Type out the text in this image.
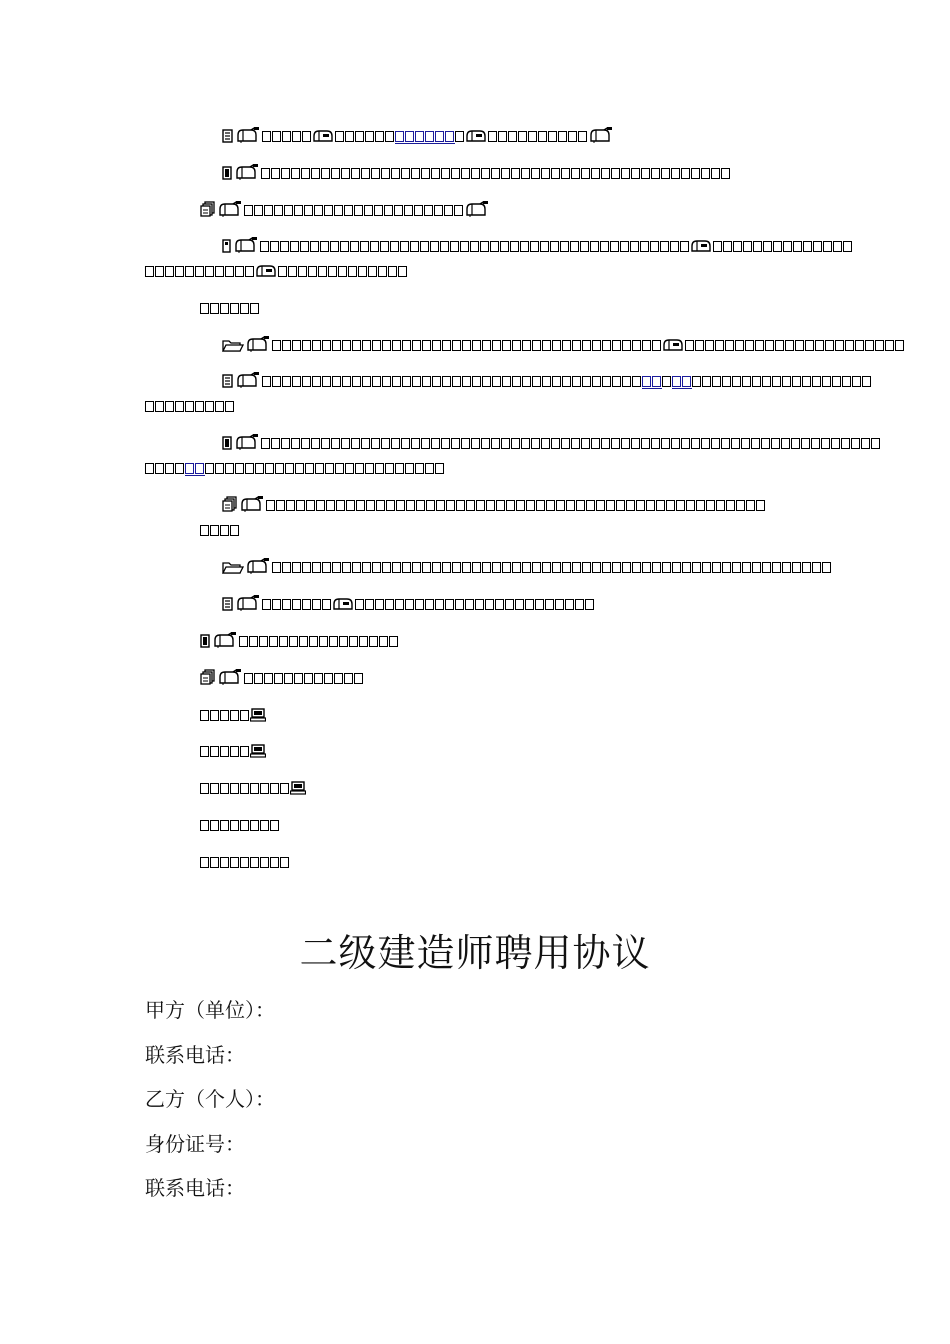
二级建造师聘用协议
甲方（单位）：
联系电话：
乙方（个人）：
身份证号：
联系电话：
